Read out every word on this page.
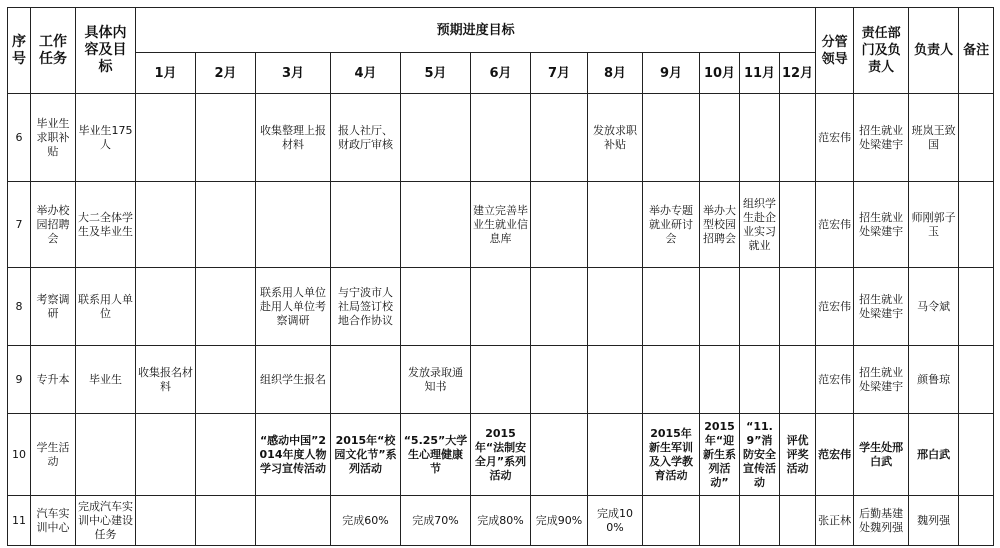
序号	工作任务	具体内容及目标	预期进度目标												分管领导	责任部门及负责人	负责人	备注
			1月	2月	3月	4月	5月	6月	7月	8月	9月	10月	11月	12月				
6	毕业生求职补贴	毕业生175人			收集整理上报材料	报人社厅、财政厅审核				发放求职补贴					范宏伟	招生就业处梁建宇	班岚王致国	
7	举办校园招聘会	大二全体学生及毕业生						建立完善毕业生就业信息库			举办专题就业研讨会	举办大型校园招聘会	组织学生赴企业实习就业		范宏伟	招生就业处梁建宇	师刚郭子玉	
8	考察调研	联系用人单位			联系用人单位赴用人单位考察调研	与宁波市人社局签订校地合作协议									范宏伟	招生就业处梁建宇	马令斌	
9	专升本	毕业生	收集报名材料		组织学生报名		发放录取通知书								范宏伟	招生就业处梁建宇	颜鲁琼	
10	学生活动				“感动中国”2014年度人物学习宣传活动	2015年“校园文化节”系列活动	“5.25”大学生心理健康节	2015年“法制安全月”系列活动			2015年新生军训及入学教育活动	2015年“迎新生系列活动”	“11.9”消防安全宣传活动	评优评奖活动	范宏伟	学生处邢白武	邢白武	
11	汽车实训中心	完成汽车实训中心建设任务				完成60%	完成70%	完成80%	完成90%	完成100%					张正林	后勤基建处魏列强	魏列强	
